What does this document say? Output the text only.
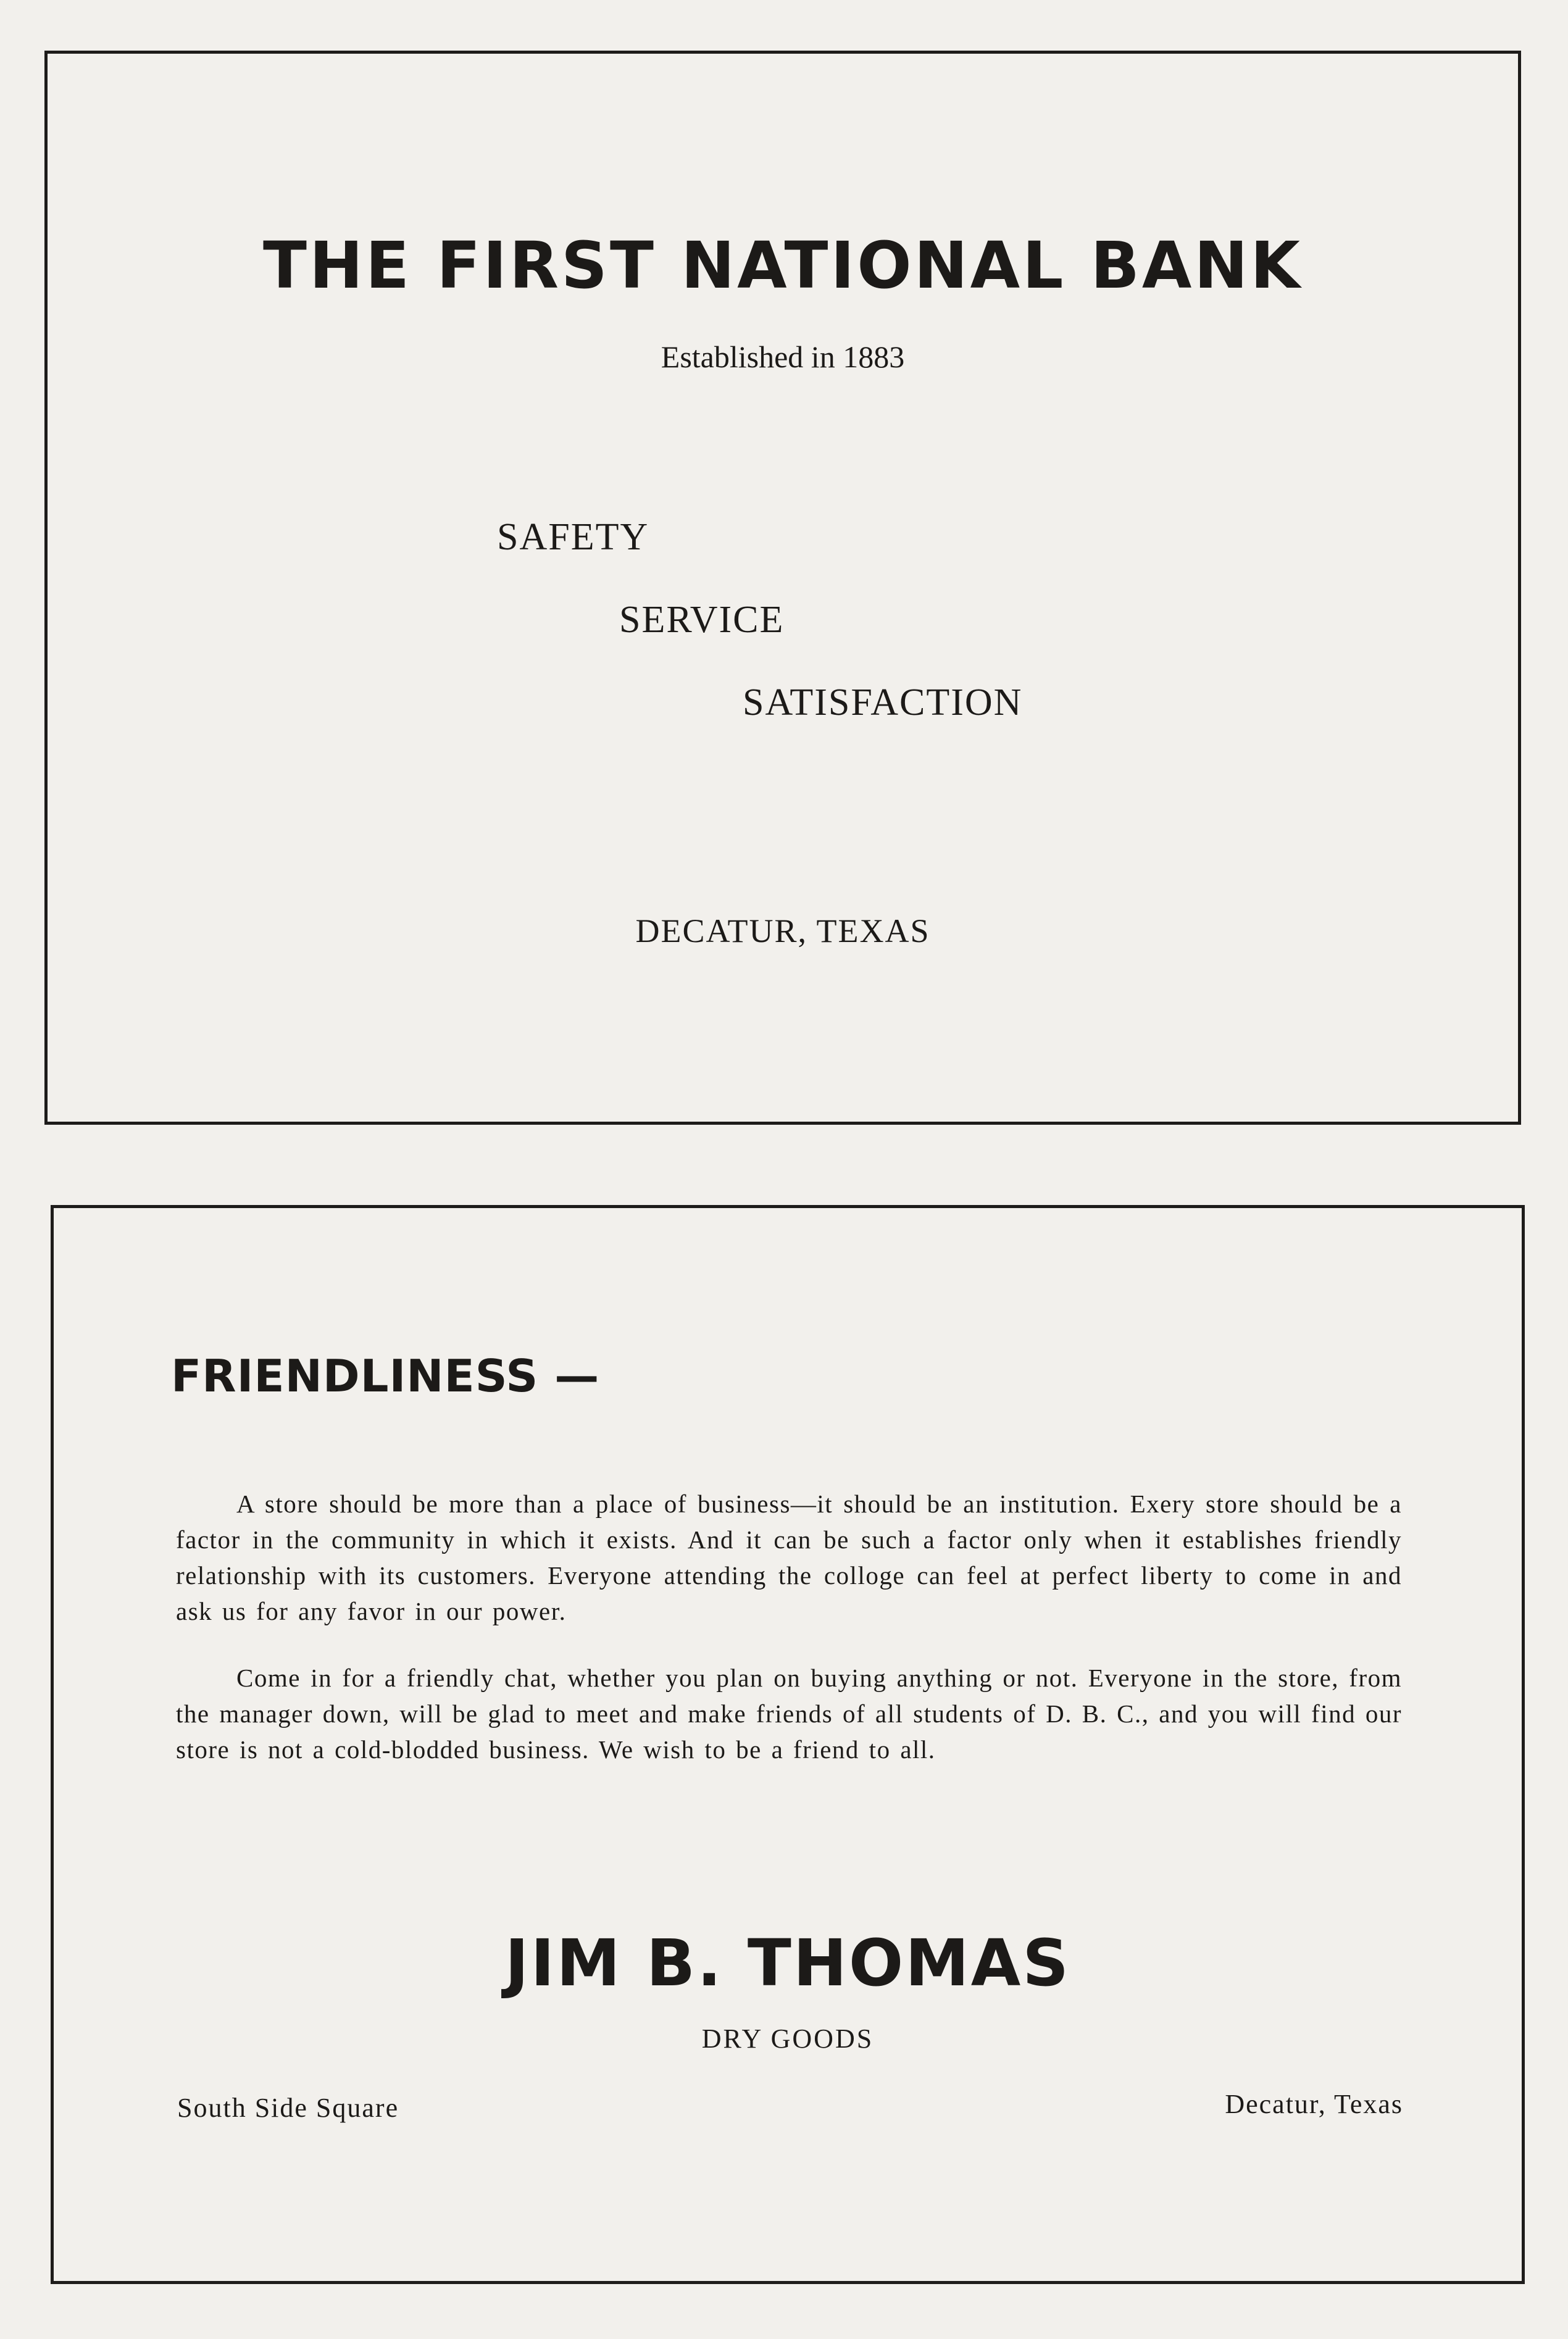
THE FIRST NATIONAL BANK
Established in 1883
SAFETY
SERVICE
SATISFACTION
DECATUR, TEXAS
FRIENDLINESS —

A store should be more than a place of business—it should be an institution. Exery store should be a factor in the community in which it exists. And it can be such a factor only when it establishes friendly relationship with its customers. Everyone attending the colloge can feel at perfect liberty to come in and ask us for any favor in our power.

Come in for a friendly chat, whether you plan on buying anything or not. Everyone in the store, from the manager down, will be glad to meet and make friends of all students of D. B. C., and you will find our store is not a cold-blodded business. We wish to be a friend to all.

JIM B. THOMAS
DRY GOODS
South Side Square	Decatur, Texas
